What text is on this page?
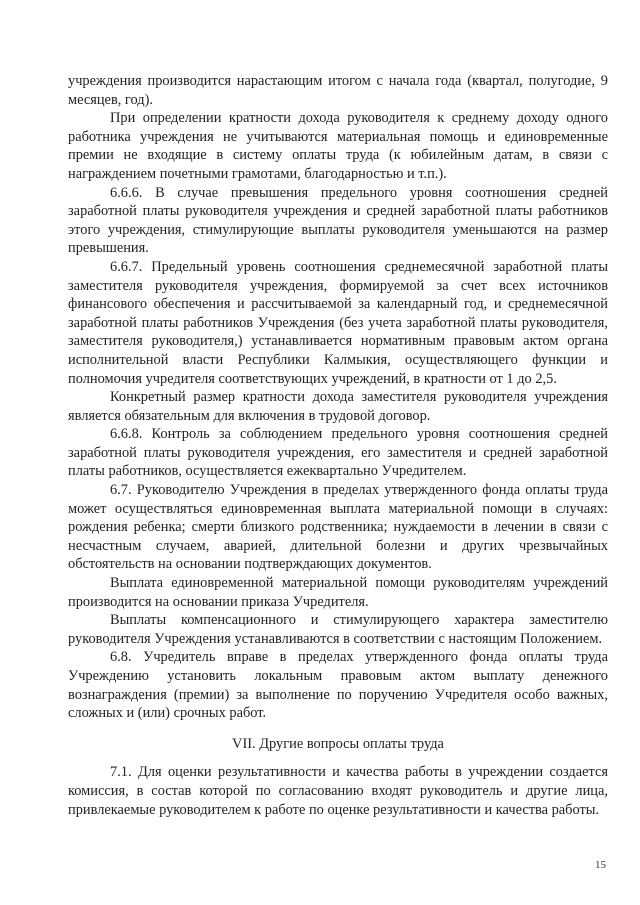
учреждения производится нарастающим итогом с начала года (квартал, полугодие, 9 месяцев, год).

При определении кратности дохода руководителя к среднему доходу одного работника учреждения не учитываются материальная помощь и единовременные премии не входящие в систему оплаты труда (к юбилейным датам, в связи с награждением почетными грамотами, благодарностью и т.п.).

6.6.6. В случае превышения предельного уровня соотношения средней заработной платы руководителя учреждения и средней заработной платы работников этого учреждения, стимулирующие выплаты руководителя уменьшаются на размер превышения.

6.6.7. Предельный уровень соотношения среднемесячной заработной платы заместителя руководителя учреждения, формируемой за счет всех источников финансового обеспечения и рассчитываемой за календарный год, и среднемесячной заработной платы работников Учреждения (без учета заработной платы руководителя, заместителя руководителя,) устанавливается нормативным правовым актом органа исполнительной власти Республики Калмыкия, осуществляющего функции и полномочия учредителя соответствующих учреждений, в кратности от 1 до 2,5.

Конкретный размер кратности дохода заместителя руководителя учреждения является обязательным для включения в трудовой договор.

6.6.8. Контроль за соблюдением предельного уровня соотношения средней заработной платы руководителя учреждения, его заместителя и средней заработной платы работников, осуществляется ежеквартально Учредителем.

6.7. Руководителю Учреждения в пределах утвержденного фонда оплаты труда может осуществляться единовременная выплата материальной помощи в случаях: рождения ребенка; смерти близкого родственника; нуждаемости в лечении в связи с несчастным случаем, аварией, длительной болезни и других чрезвычайных обстоятельств на основании подтверждающих документов.

Выплата единовременной материальной помощи руководителям учреждений производится на основании приказа Учредителя.

Выплаты компенсационного и стимулирующего характера заместителю руководителя Учреждения устанавливаются в соответствии с настоящим Положением.

6.8. Учредитель вправе в пределах утвержденного фонда оплаты труда Учреждению установить локальным правовым актом выплату денежного вознаграждения (премии) за выполнение по поручению Учредителя особо важных, сложных и (или) срочных работ.

VII. Другие вопросы оплаты труда

7.1. Для оценки результативности и качества работы в учреждении создается комиссия, в состав которой по согласованию входят руководитель и другие лица, привлекаемые руководителем к работе по оценке результативности и качества работы.

15
